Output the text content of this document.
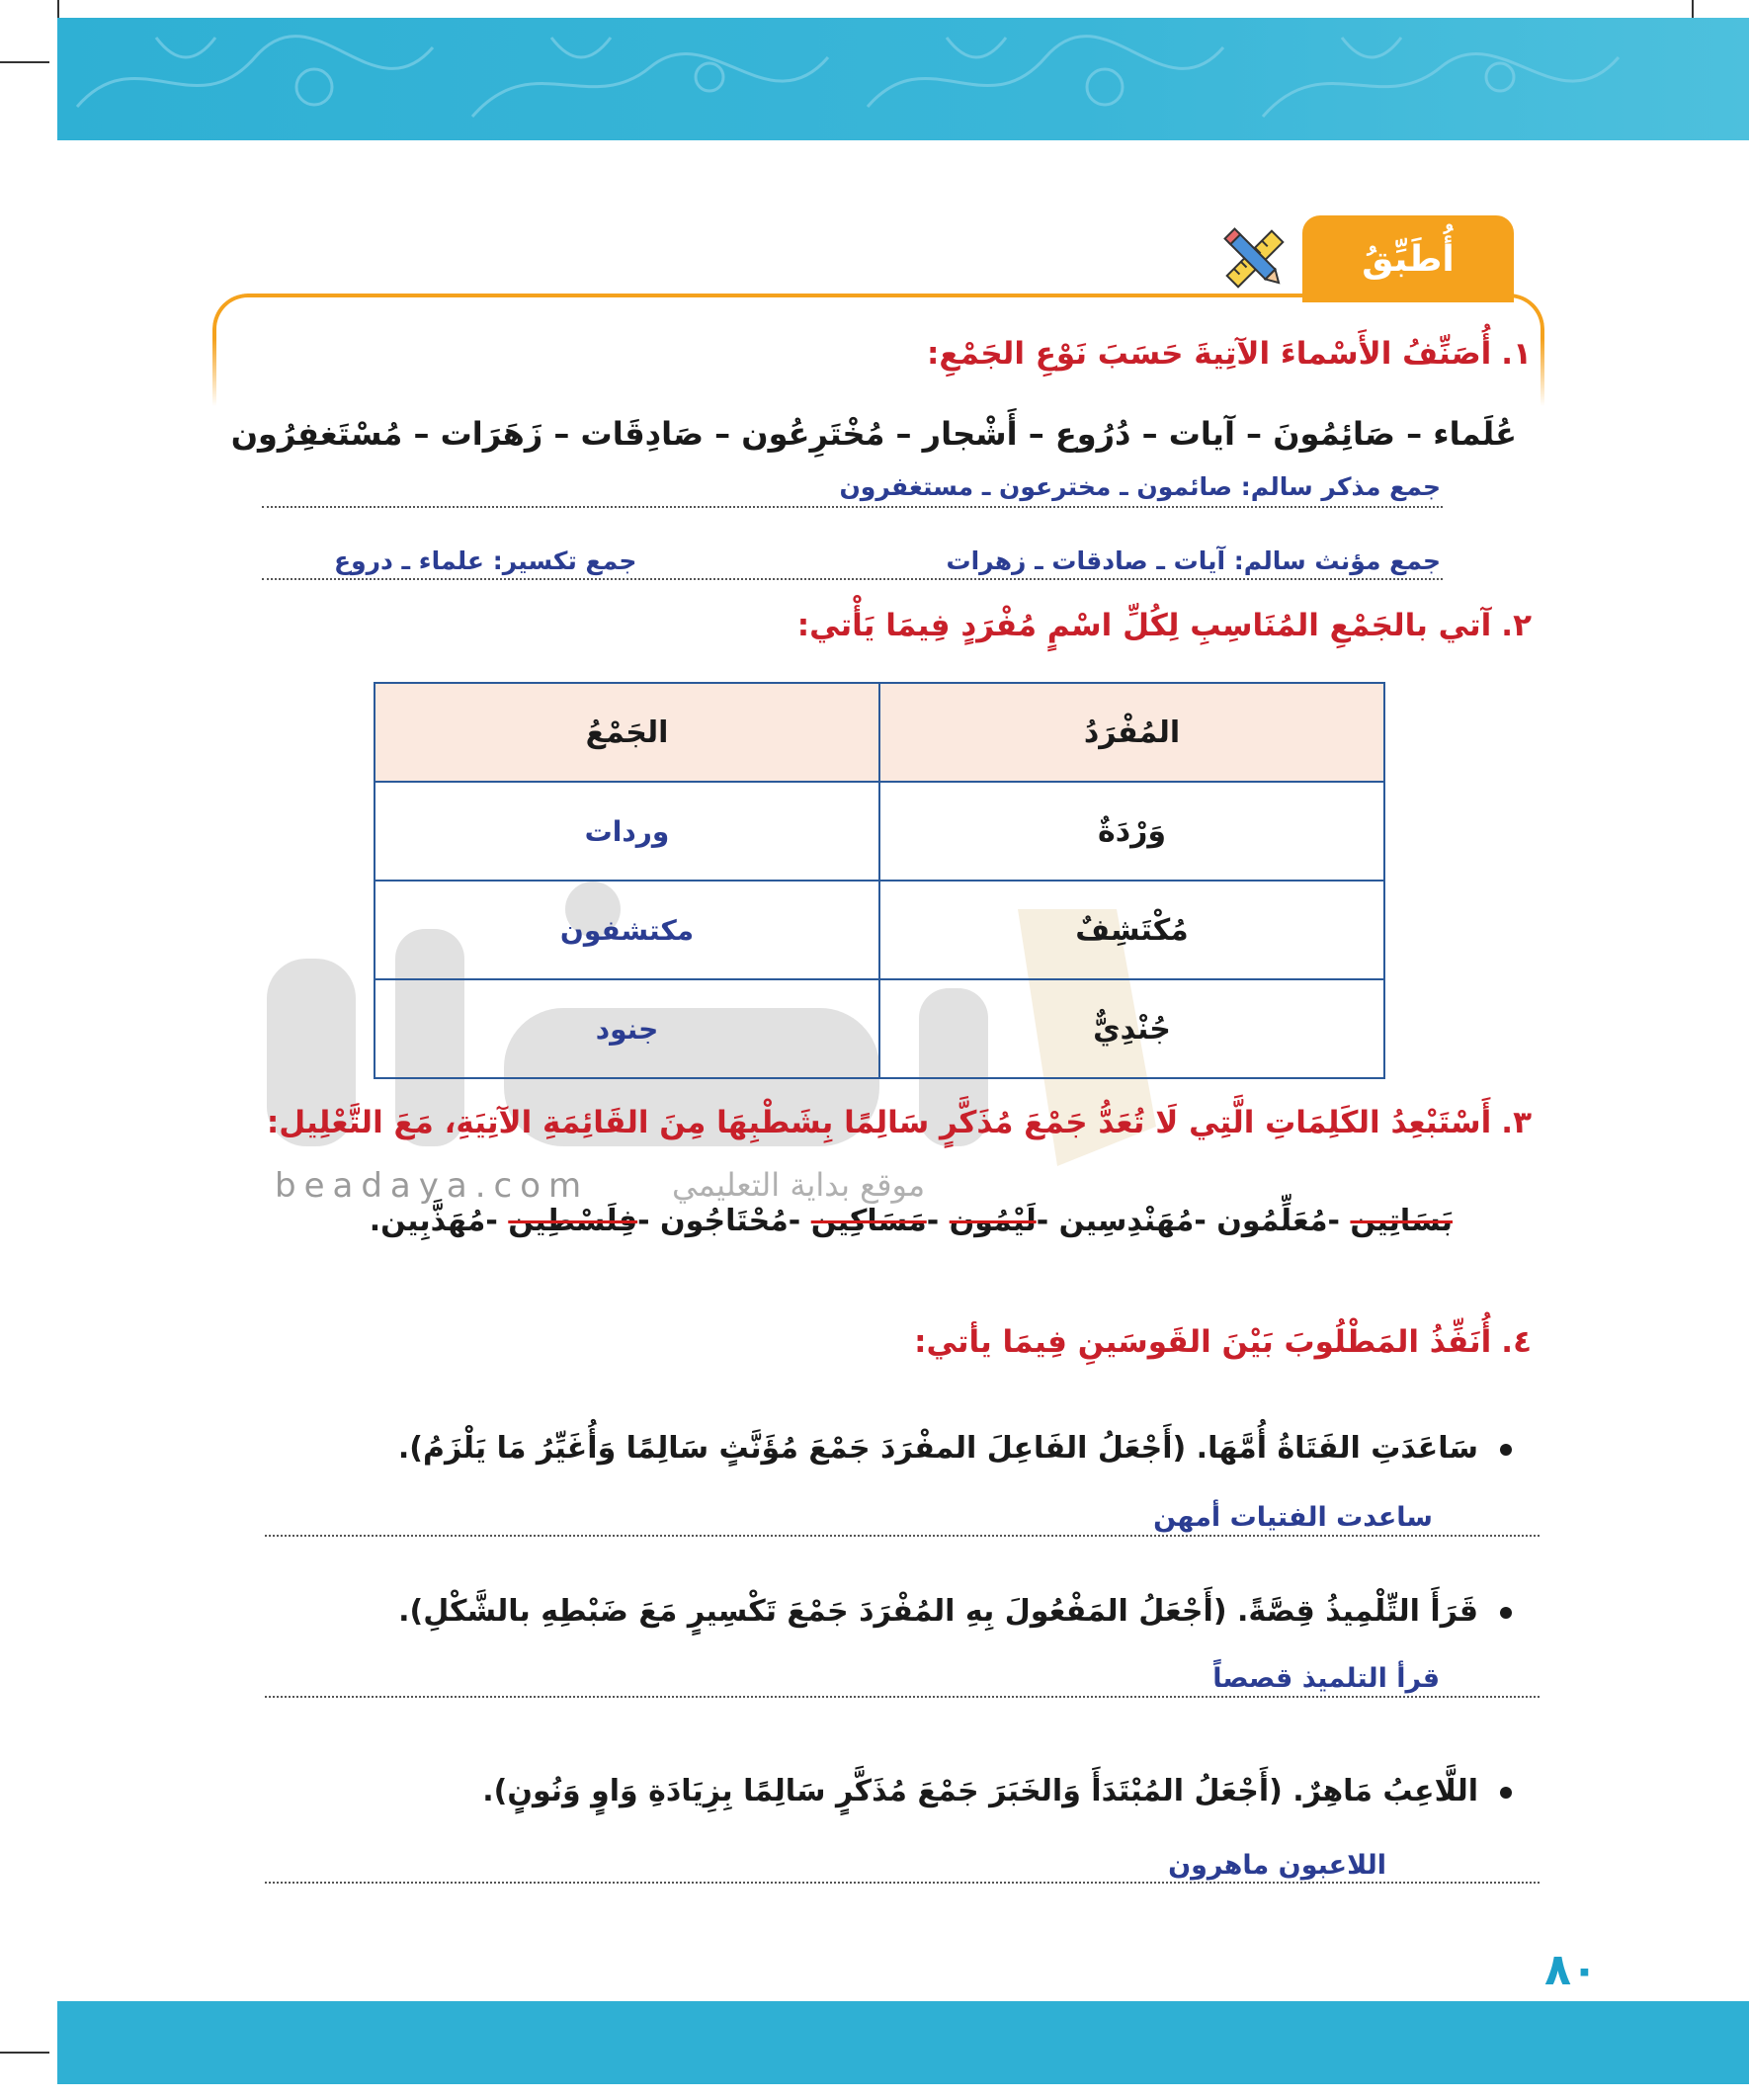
أُطَبِّقُ
١.أُصَنِّفُ الأَسْماءَ الآتِيةَ حَسَبَ نَوْعِ الجَمْعِ:
عُلَماء – صَائِمُونَ – آيات – دُرُوع – أَشْجار – مُخْتَرِعُون – صَادِقَات – زَهَرَات – مُسْتَغفِرُون
جمع مذكر سالم: صائمون ـ مخترعون ـ مستغفرون
جمع مؤنث سالم: آيات ـ صادقات ـ زهرات
جمع تكسير: علماء ـ دروع
٢.آتي بالجَمْعِ المُنَاسِبِ لِكُلِّ اسْمٍ مُفْرَدٍ فِيمَا يَأْتي:
المُفْرَدُ	الجَمْعُ
وَرْدَةٌ	وردات
مُكْتَشِفٌ	مكتشفون
جُنْدِيٌّ	جنود
٣.أَسْتَبْعِدُ الكَلِمَاتِ الَّتِي لَا تُعَدُّ جَمْعَ مُذَكَّرٍ سَالِمًا بِشَطْبِهَا مِنَ القَائِمَةِ الآتِيَةِ، مَعَ التَّعْلِيل:
beadaya.com	موقع بداية التعليمي
بَسَاتِين -مُعَلِّمُون -مُهَنْدِسِين -لَيْمُون -مَسَاكِين -مُحْتَاجُون -فِلَسْطِين -مُهَذَّبِين.
٤.أُنَفِّذُ المَطْلُوبَ بَيْنَ القَوسَينِ فِيمَا يأتي:
سَاعَدَتِ الفَتَاةُ أُمَّهَا. (أَجْعَلُ الفَاعِلَ المفْرَدَ جَمْعَ مُؤَنَّثٍ سَالِمًا وَأُغَيِّرُ مَا يَلْزَمُ).
ساعدت الفتيات أمهن
قَرَأَ التِّلْمِيذُ قِصَّةً. (أَجْعَلُ المَفْعُولَ بِهِ المُفْرَدَ جَمْعَ تَكْسِيرٍ مَعَ ضَبْطِهِ بالشَّكْلِ).
قرأ التلميذ قصصاً
اللَّاعِبُ مَاهِرٌ. (أَجْعَلُ المُبْتَدَأَ وَالخَبَرَ جَمْعَ مُذَكَّرٍ سَالِمًا بِزِيَادَةِ وَاوٍ وَنُونٍ).
اللاعبون ماهرون
٨٠
